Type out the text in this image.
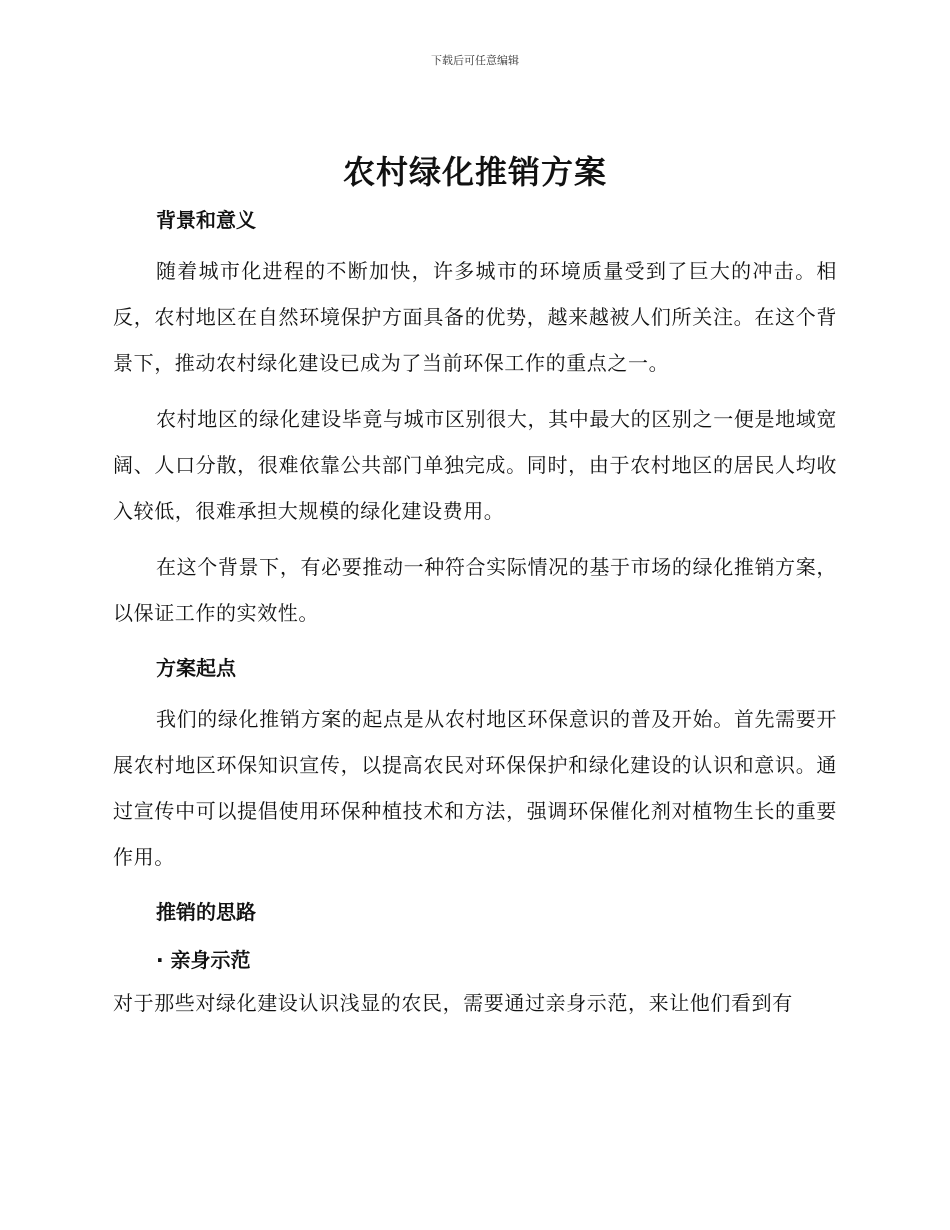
下载后可任意编辑
农村绿化推销方案
背景和意义

随着城市化进程的不断加快，许多城市的环境质量受到了巨大的冲击。相反，农村地区在自然环境保护方面具备的优势，越来越被人们所关注。在这个背景下，推动农村绿化建设已成为了当前环保工作的重点之一。

农村地区的绿化建设毕竟与城市区别很大，其中最大的区别之一便是地域宽阔、人口分散，很难依靠公共部门单独完成。同时，由于农村地区的居民人均收入较低，很难承担大规模的绿化建设费用。

在这个背景下，有必要推动一种符合实际情况的基于市场的绿化推销方案，以保证工作的实效性。

方案起点

我们的绿化推销方案的起点是从农村地区环保意识的普及开始。首先需要开展农村地区环保知识宣传，以提高农民对环保保护和绿化建设的认识和意识。通过宣传中可以提倡使用环保种植技术和方法，强调环保催化剂对植物生长的重要作用。

推销的思路
· 亲身示范

对于那些对绿化建设认识浅显的农民，需要通过亲身示范，来让他们看到有
